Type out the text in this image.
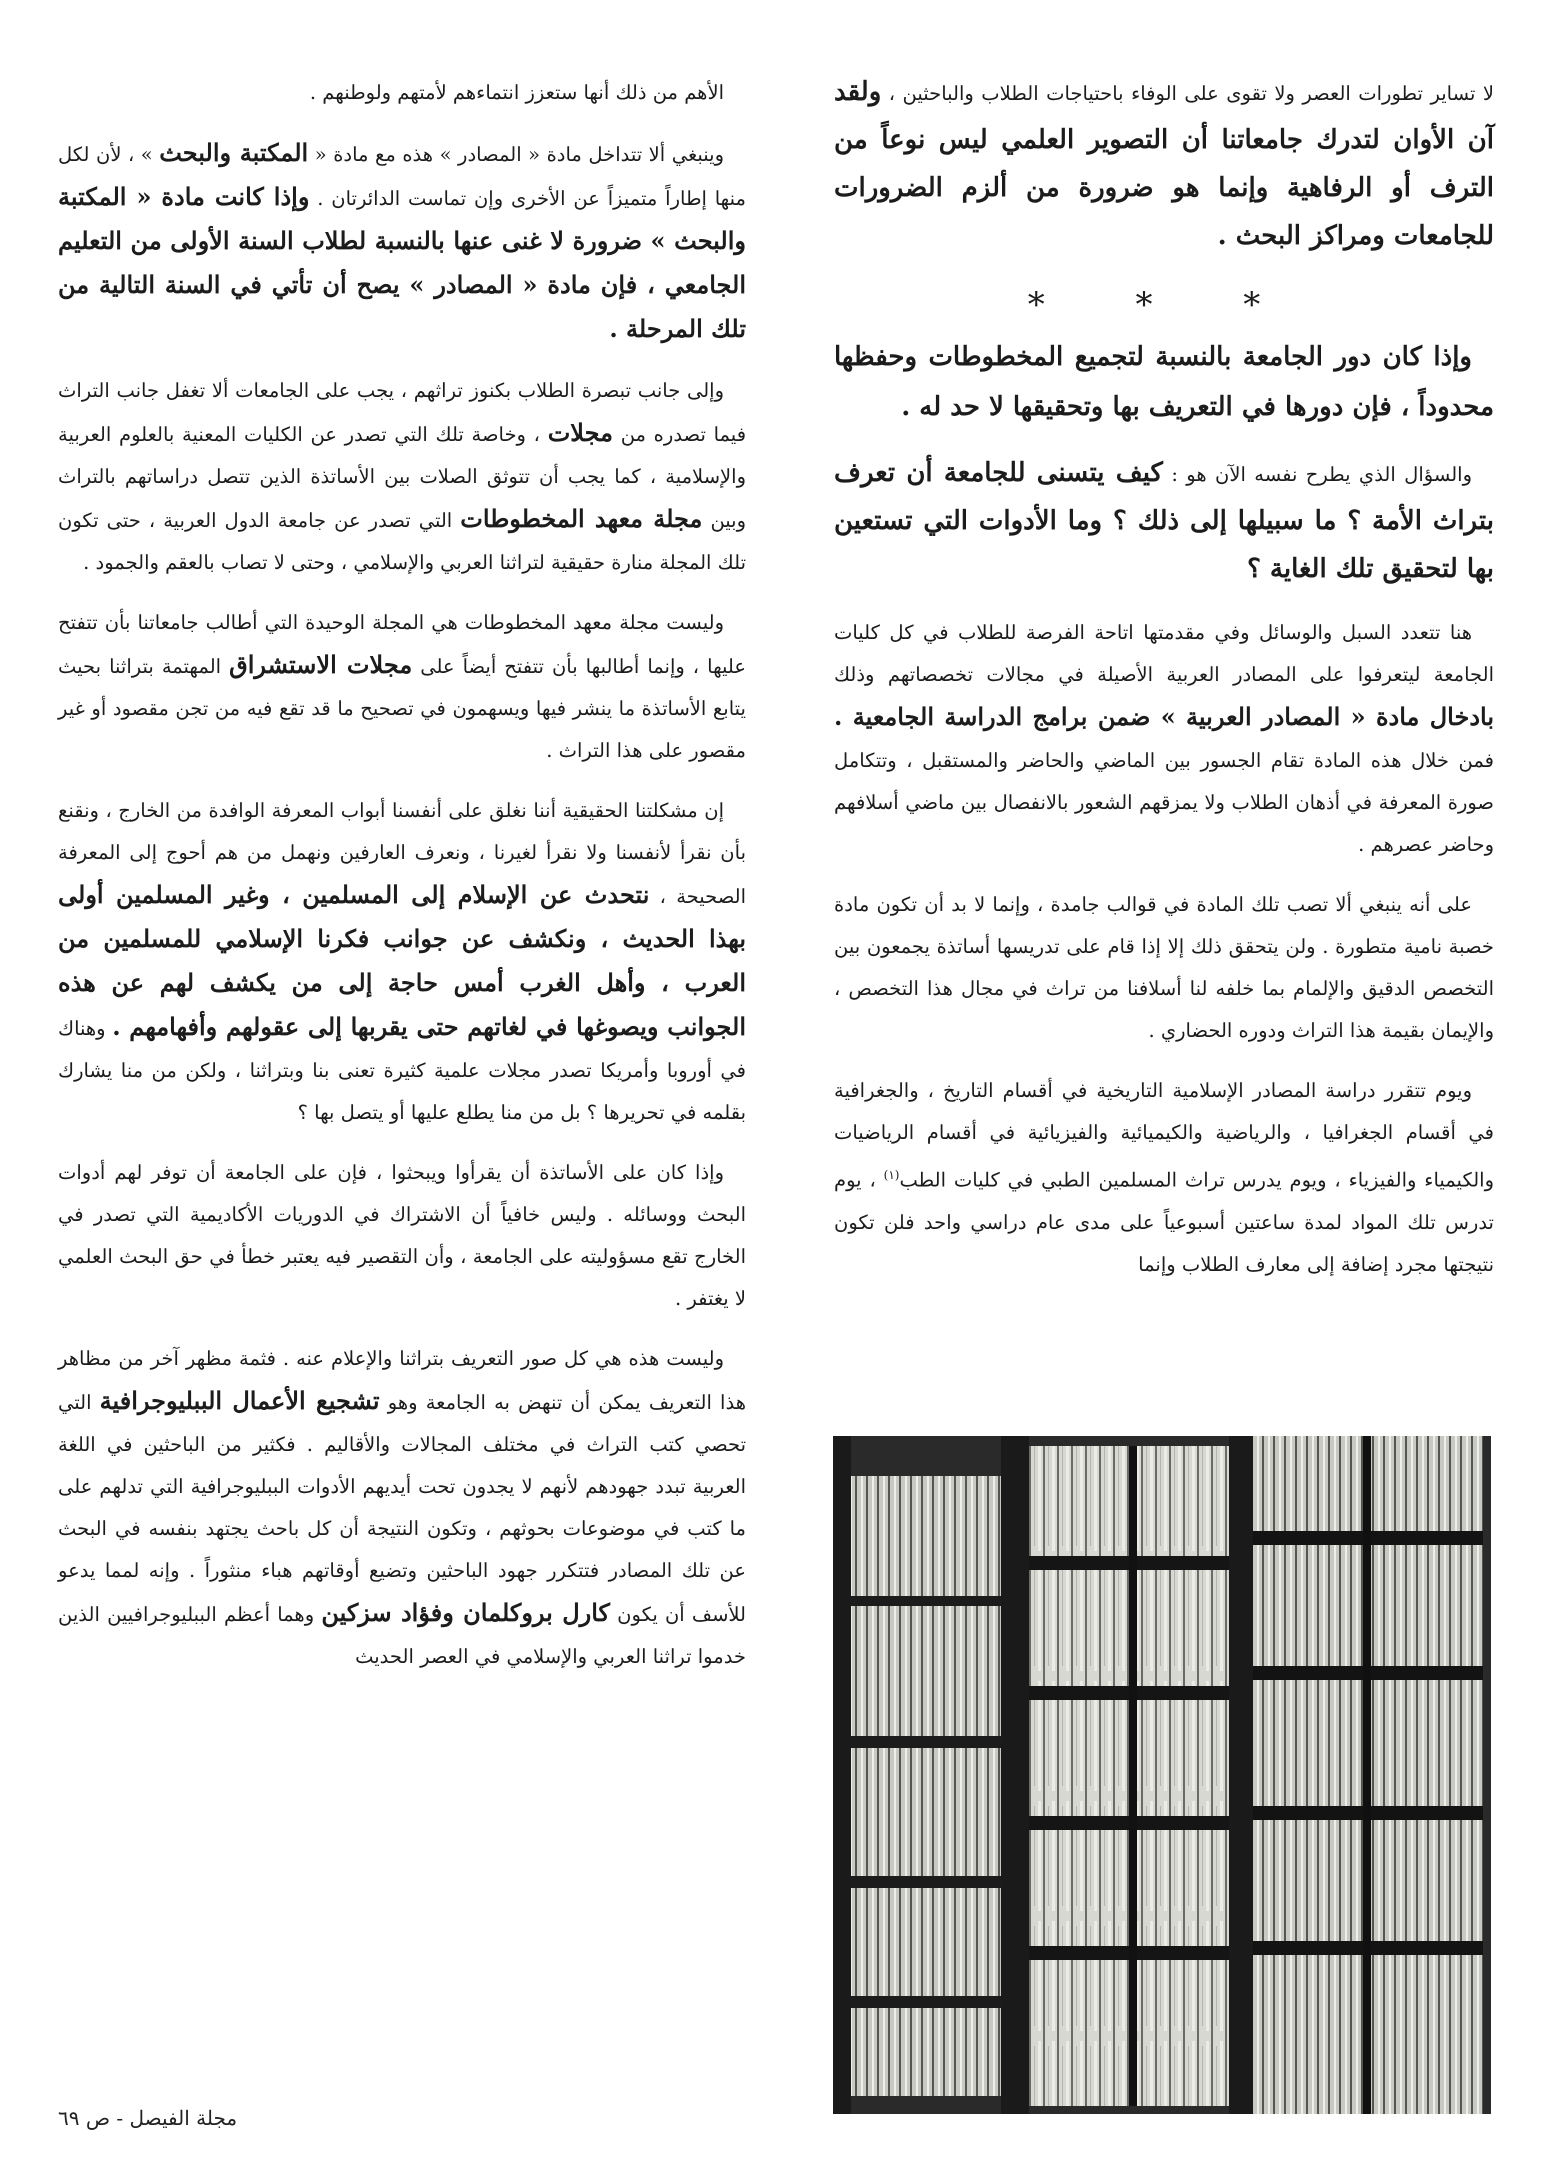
لا تساير تطورات العصر ولا تقوى على الوفاء باحتياجات الطلاب والباحثين ، ولقد آن الأوان لتدرك جامعاتنا أن التصوير العلمي ليس نوعاً من الترف أو الرفاهية وإنما هو ضرورة من ألزم الضرورات للجامعات ومراكز البحث .

* * *

وإذا كان دور الجامعة بالنسبة لتجميع المخطوطات وحفظها محدوداً ، فإن دورها في التعريف بها وتحقيقها لا حد له .

والسؤال الذي يطرح نفسه الآن هو : كيف يتسنى للجامعة أن تعرف بتراث الأمة ؟ ما سبيلها إلى ذلك ؟ وما الأدوات التي تستعين بها لتحقيق تلك الغاية ؟

هنا تتعدد السبل والوسائل وفي مقدمتها اتاحة الفرصة للطلاب في كل كليات الجامعة ليتعرفوا على المصادر العربية الأصيلة في مجالات تخصصاتهم وذلك بادخال مادة « المصادر العربية » ضمن برامج الدراسة الجامعية . فمن خلال هذه المادة تقام الجسور بين الماضي والحاضر والمستقبل ، وتتكامل صورة المعرفة في أذهان الطلاب ولا يمزقهم الشعور بالانفصال بين ماضي أسلافهم وحاضر عصرهم .

على أنه ينبغي ألا تصب تلك المادة في قوالب جامدة ، وإنما لا بد أن تكون مادة خصبة نامية متطورة . ولن يتحقق ذلك إلا إذا قام على تدريسها أساتذة يجمعون بين التخصص الدقيق والإلمام بما خلفه لنا أسلافنا من تراث في مجال هذا التخصص ، والإيمان بقيمة هذا التراث ودوره الحضاري .

ويوم تتقرر دراسة المصادر الإسلامية التاريخية في أقسام التاريخ ، والجغرافية في أقسام الجغرافيا ، والرياضية والكيميائية والفيزيائية في أقسام الرياضيات والكيمياء والفيزياء ، ويوم يدرس تراث المسلمين الطبي في كليات الطب$^{(١)}$ ، يوم تدرس تلك المواد لمدة ساعتين أسبوعياً على مدى عام دراسي واحد فلن تكون نتيجتها مجرد إضافة إلى معارف الطلاب وإنما

الأهم من ذلك أنها ستعزز انتماءهم لأمتهم ولوطنهم .

وينبغي ألا تتداخل مادة « المصادر » هذه مع مادة « المكتبة والبحث » ، لأن لكل منها إطاراً متميزاً عن الأخرى وإن تماست الدائرتان . وإذا كانت مادة « المكتبة والبحث » ضرورة لا غنى عنها بالنسبة لطلاب السنة الأولى من التعليم الجامعي ، فإن مادة « المصادر » يصح أن تأتي في السنة التالية من تلك المرحلة .

وإلى جانب تبصرة الطلاب بكنوز تراثهم ، يجب على الجامعات ألا تغفل جانب التراث فيما تصدره من مجلات ، وخاصة تلك التي تصدر عن الكليات المعنية بالعلوم العربية والإسلامية ، كما يجب أن تتوثق الصلات بين الأساتذة الذين تتصل دراساتهم بالتراث وبين مجلة معهد المخطوطات التي تصدر عن جامعة الدول العربية ، حتى تكون تلك المجلة منارة حقيقية لتراثنا العربي والإسلامي ، وحتى لا تصاب بالعقم والجمود .

وليست مجلة معهد المخطوطات هي المجلة الوحيدة التي أطالب جامعاتنا بأن تتفتح عليها ، وإنما أطالبها بأن تتفتح أيضاً على مجلات الاستشراق المهتمة بتراثنا بحيث يتابع الأساتذة ما ينشر فيها ويسهمون في تصحيح ما قد تقع فيه من تجن مقصود أو غير مقصور على هذا التراث .

إن مشكلتنا الحقيقية أننا نغلق على أنفسنا أبواب المعرفة الوافدة من الخارج ، ونقنع بأن نقرأ لأنفسنا ولا نقرأ لغيرنا ، ونعرف العارفين ونهمل من هم أحوج إلى المعرفة الصحيحة ، نتحدث عن الإسلام إلى المسلمين ، وغير المسلمين أولى بهذا الحديث ، ونكشف عن جوانب فكرنا الإسلامي للمسلمين من العرب ، وأهل الغرب أمس حاجة إلى من يكشف لهم عن هذه الجوانب ويصوغها في لغاتهم حتى يقربها إلى عقولهم وأفهامهم . وهناك في أوروبا وأمريكا تصدر مجلات علمية كثيرة تعنى بنا وبتراثنا ، ولكن من منا يشارك بقلمه في تحريرها ؟ بل من منا يطلع عليها أو يتصل بها ؟

وإذا كان على الأساتذة أن يقرأوا ويبحثوا ، فإن على الجامعة أن توفر لهم أدوات البحث ووسائله . وليس خافياً أن الاشتراك في الدوريات الأكاديمية التي تصدر في الخارج تقع مسؤوليته على الجامعة ، وأن التقصير فيه يعتبر خطأ في حق البحث العلمي لا يغتفر .

وليست هذه هي كل صور التعريف بتراثنا والإعلام عنه . فثمة مظهر آخر من مظاهر هذا التعريف يمكن أن تنهض به الجامعة وهو تشجيع الأعمال الببليوجرافية التي تحصي كتب التراث في مختلف المجالات والأقاليم . فكثير من الباحثين في اللغة العربية تبدد جهودهم لأنهم لا يجدون تحت أيديهم الأدوات الببليوجرافية التي تدلهم على ما كتب في موضوعات بحوثهم ، وتكون النتيجة أن كل باحث يجتهد بنفسه في البحث عن تلك المصادر فتتكرر جهود الباحثين وتضيع أوقاتهم هباء منثوراً . وإنه لمما يدعو للأسف أن يكون كارل بروكلمان وفؤاد سزكين وهما أعظم الببليوجرافيين الذين خدموا تراثنا العربي والإسلامي في العصر الحديث

مجلة الفيصل - ص ٦٩
